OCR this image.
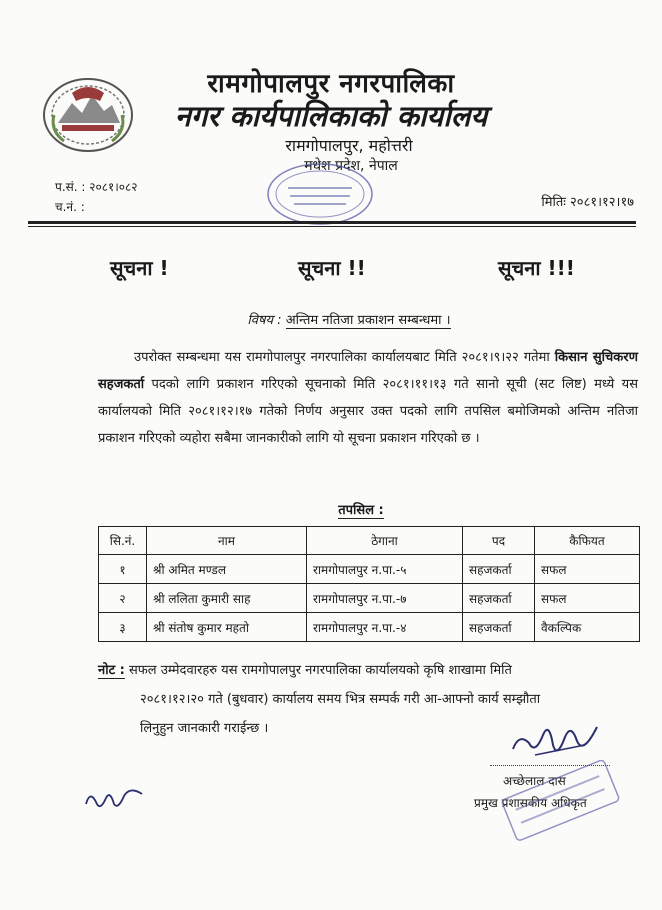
रामगोपालपुर नगरपालिका
नगर कार्यपालिकाको कार्यालय
रामगोपालपुर, महोत्तरी
मधेश प्रदेश, नेपाल
प.सं. : २०८१।०८२
च.नं. :	मितिः २०८१।१२।१७
सूचना !	सूचना !!	सूचना !!!
विषय : अन्तिम नतिजा प्रकाशन सम्बन्धमा ।
उपरोक्त सम्बन्धमा यस रामगोपालपुर नगरपालिका कार्यालयबाट मिति २०८१।९।२२ गतेमा किसान सुचिकरण सहजकर्ता पदको लागि प्रकाशन गरिएको सूचनाको मिति २०८१।११।१३ गते सानो सूची (सट लिष्ट) मध्ये यस कार्यालयको मिति २०८१।१२।१७ गतेको निर्णय अनुसार उक्त पदको लागि तपसिल बमोजिमको अन्तिम नतिजा प्रकाशन गरिएको व्यहोरा सबैमा जानकारीको लागि यो सूचना प्रकाशन गरिएको छ ।
तपसिल :
सि.नं.	नाम	ठेगाना	पद	कैफियत
१	श्री अमित मण्डल	रामगोपालपुर न.पा.-५	सहजकर्ता	सफल
२	श्री ललिता कुमारी साह	रामगोपालपुर न.पा.-७	सहजकर्ता	सफल
३	श्री संतोष कुमार महतो	रामगोपालपुर न.पा.-४	सहजकर्ता	वैकल्पिक
नोट : सफल उम्मेदवारहरु यस रामगोपालपुर नगरपालिका कार्यालयको कृषि शाखामा मिति
२०८१।१२।२० गते (बुधवार) कार्यालय समय भित्र सम्पर्क गरी आ-आफ्नो कार्य सम्झौता
लिनुहुन जानकारी गराईन्छ ।
अच्छेलाल दास
प्रमुख प्रशासकीय अधिकृत
